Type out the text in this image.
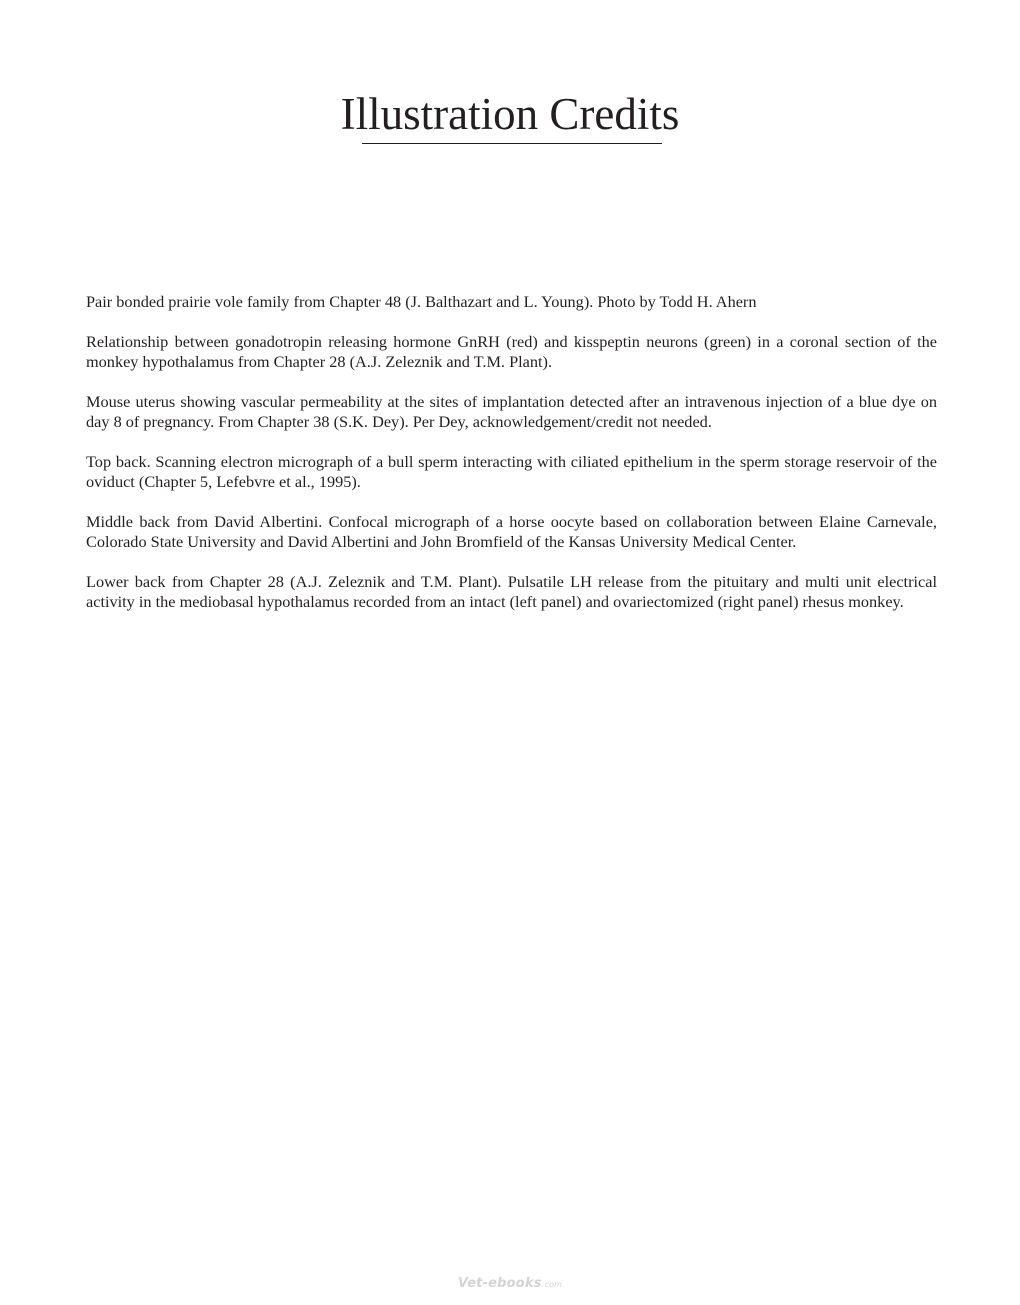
Illustration Credits

Pair bonded prairie vole family from Chapter 48 (J. Balthazart and L. Young). Photo by Todd H. Ahern

Relationship between gonadotropin releasing hormone GnRH (red) and kisspeptin neurons (green) in a coronal section of the monkey hypothalamus from Chapter 28 (A.J. Zeleznik and T.M. Plant).

Mouse uterus showing vascular permeability at the sites of implantation detected after an intravenous injection of a blue dye on day 8 of pregnancy. From Chapter 38 (S.K. Dey). Per Dey, acknowledgement/credit not needed.

Top back. Scanning electron micrograph of a bull sperm interacting with ciliated epithelium in the sperm storage reservoir of the oviduct (Chapter 5, Lefebvre et al., 1995).

Middle back from David Albertini. Confocal micrograph of a horse oocyte based on collaboration between Elaine Carnevale, Colorado State University and David Albertini and John Bromfield of the Kansas University Medical Center.

Lower back from Chapter 28 (A.J. Zeleznik and T.M. Plant). Pulsatile LH release from the pituitary and multi unit electrical activity in the mediobasal hypothalamus recorded from an intact (left panel) and ovariectomized (right panel) rhesus monkey.

Vet-ebooks.com
